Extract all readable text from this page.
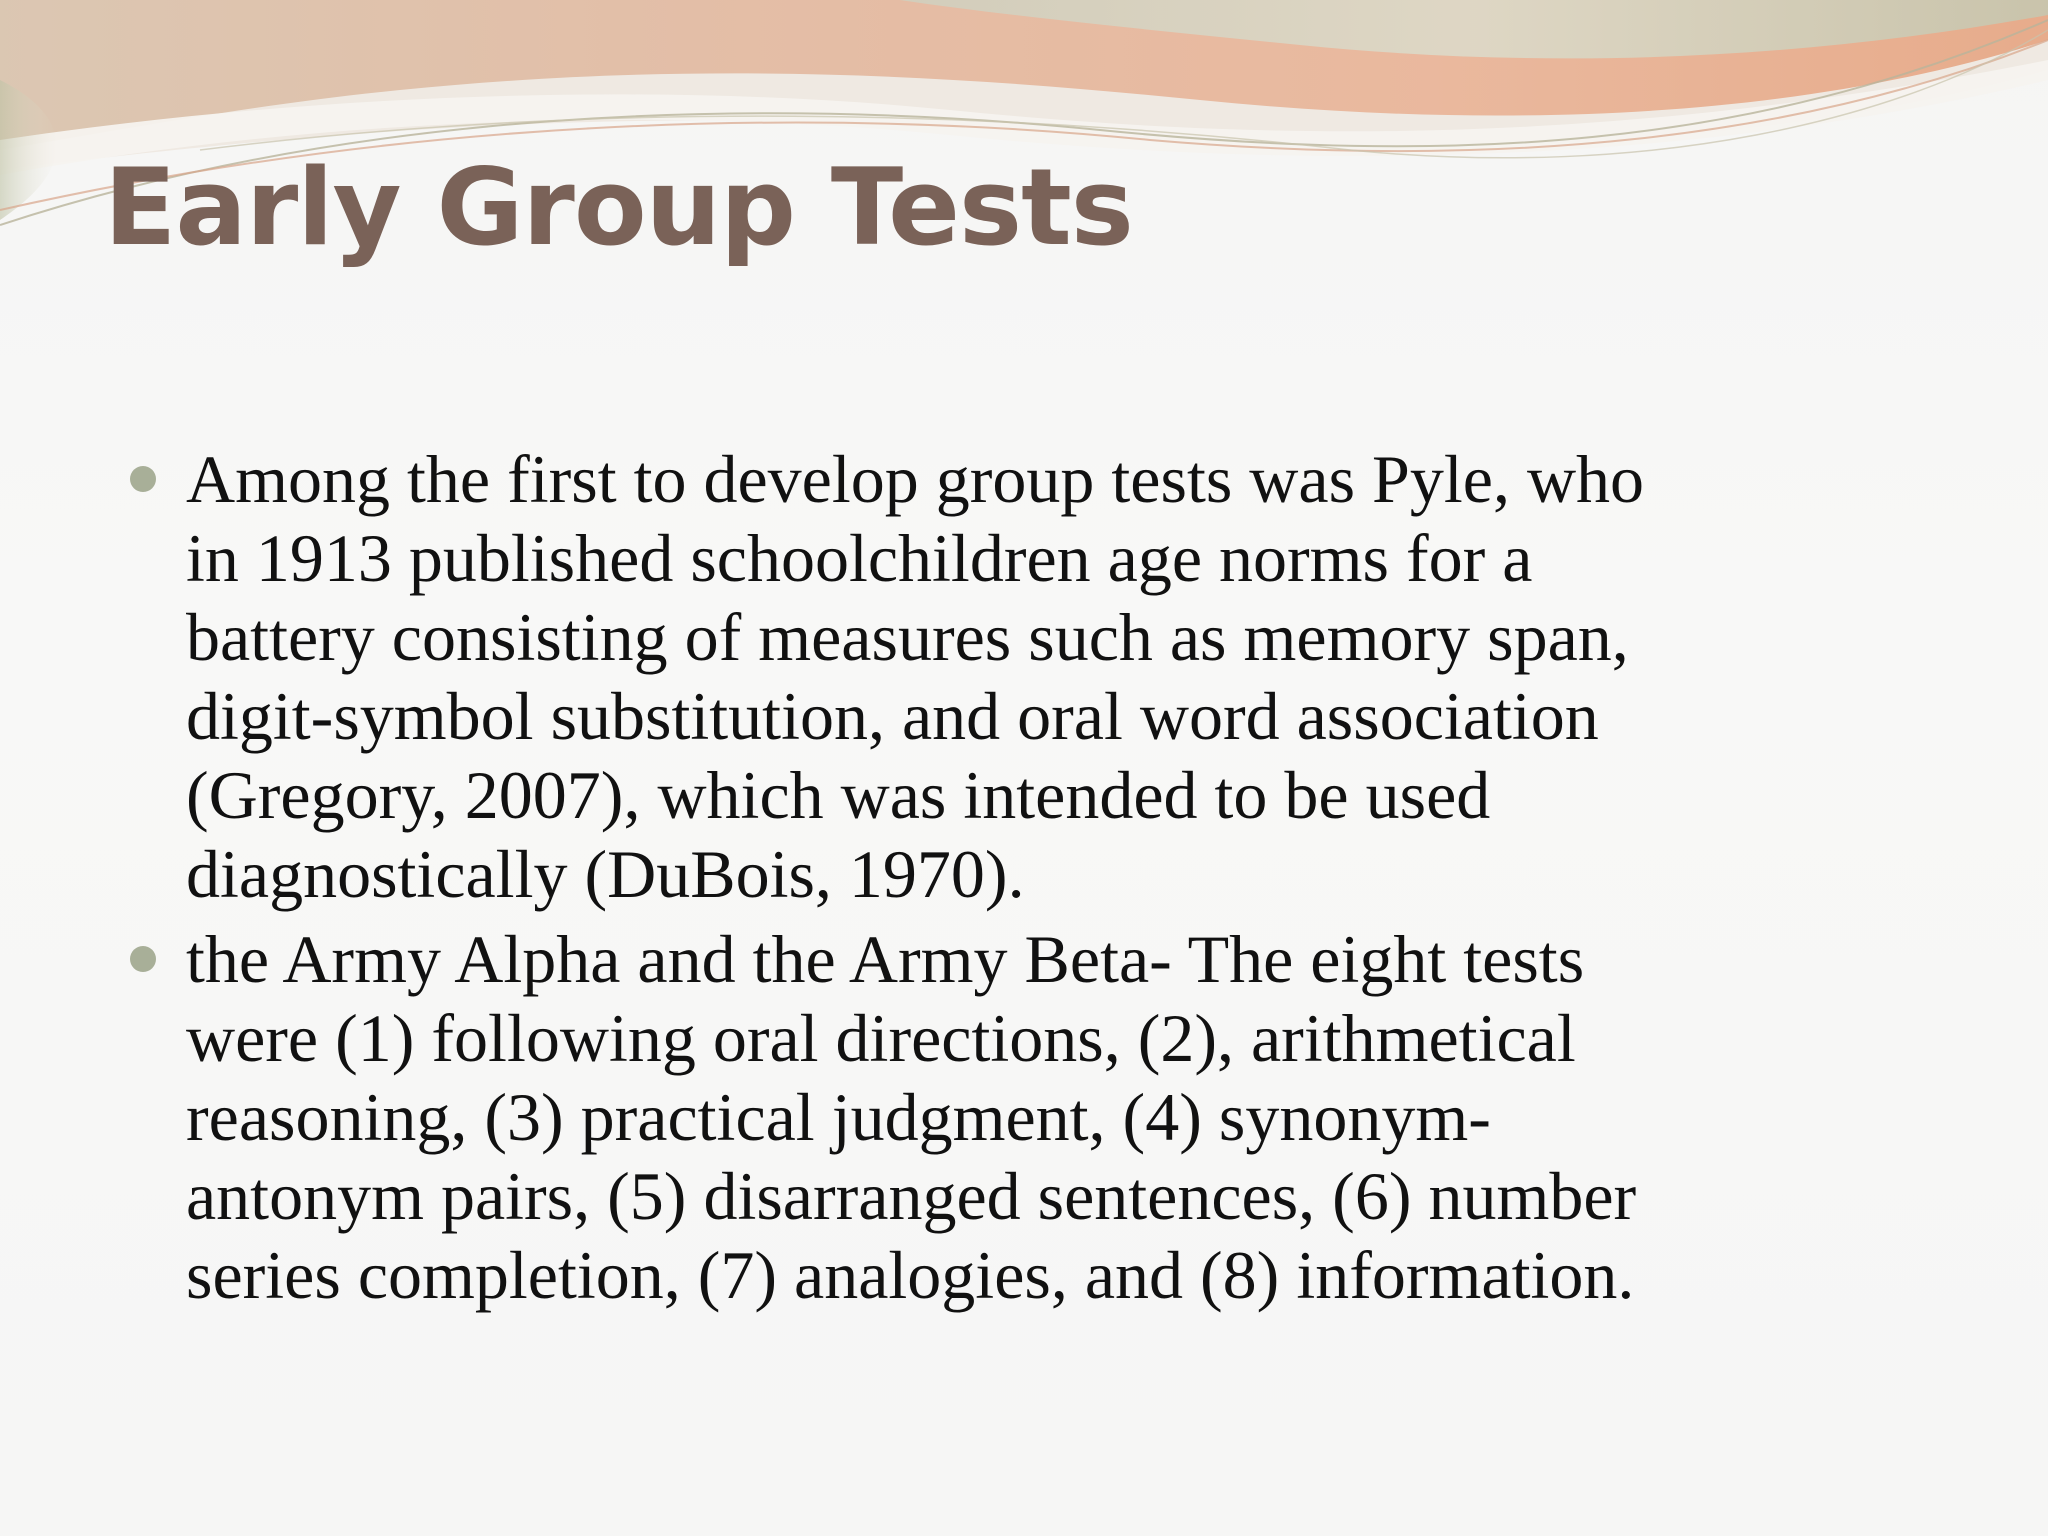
Early Group Tests
Among the first to develop group tests was Pyle, who
in 1913 published schoolchildren age norms for a
battery consisting of measures such as memory span,
digit-symbol substitution, and oral word association
(Gregory, 2007), which was intended to be used
diagnostically (DuBois, 1970).
the Army Alpha and the Army Beta- The eight tests
were (1) following oral directions, (2), arithmetical
reasoning, (3) practical judgment, (4) synonym-
antonym pairs, (5) disarranged sentences, (6) number
series completion, (7) analogies, and (8) information.
